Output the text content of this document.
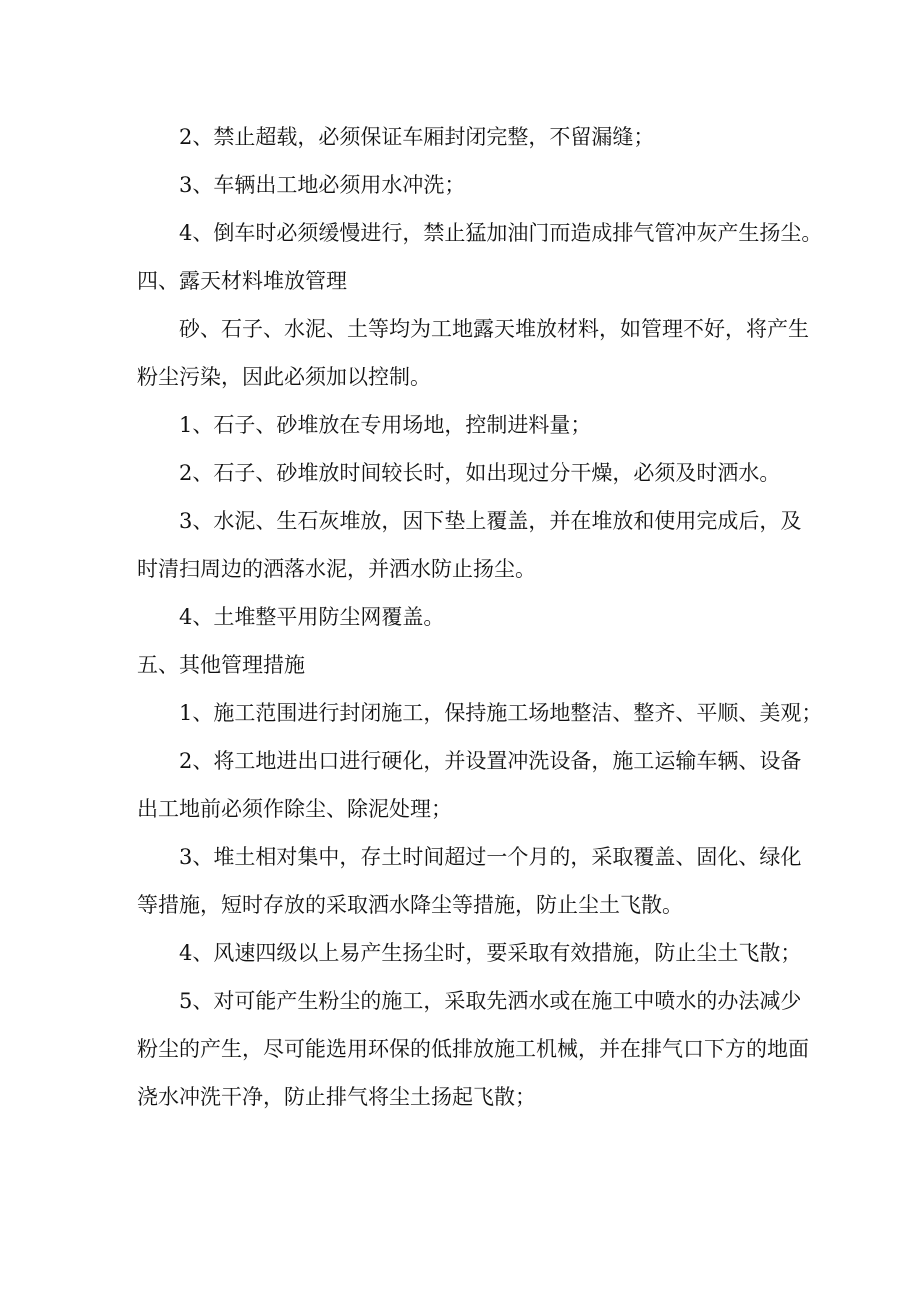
2、禁止超载，必须保证车厢封闭完整，不留漏缝；

3、车辆出工地必须用水冲洗；

4、倒车时必须缓慢进行，禁止猛加油门而造成排气管冲灰产生扬尘。

四、露天材料堆放管理

砂、石子、水泥、土等均为工地露天堆放材料，如管理不好，将产生

粉尘污染，因此必须加以控制。

1、石子、砂堆放在专用场地，控制进料量；

2、石子、砂堆放时间较长时，如出现过分干燥，必须及时洒水。

3、水泥、生石灰堆放，因下垫上覆盖，并在堆放和使用完成后，及

时清扫周边的洒落水泥，并洒水防止扬尘。

4、土堆整平用防尘网覆盖。

五、其他管理措施

1、施工范围进行封闭施工，保持施工场地整洁、整齐、平顺、美观；

2、将工地进出口进行硬化，并设置冲洗设备，施工运输车辆、设备

出工地前必须作除尘、除泥处理；

3、堆土相对集中，存土时间超过一个月的，采取覆盖、固化、绿化

等措施，短时存放的采取洒水降尘等措施，防止尘土飞散。

4、风速四级以上易产生扬尘时，要采取有效措施，防止尘土飞散；

5、对可能产生粉尘的施工，采取先洒水或在施工中喷水的办法减少

粉尘的产生，尽可能选用环保的低排放施工机械，并在排气口下方的地面

浇水冲洗干净，防止排气将尘土扬起飞散；
